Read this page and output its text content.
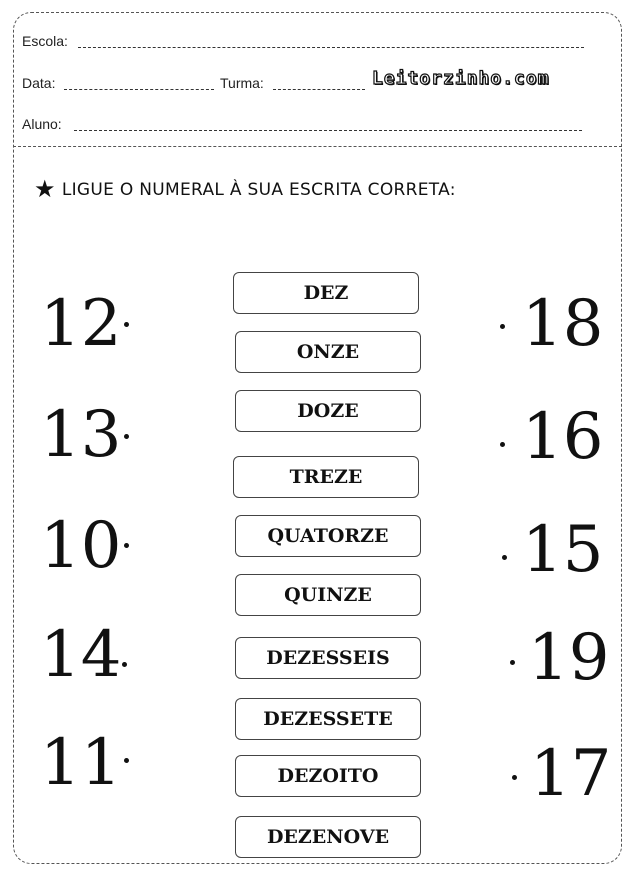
Escola:
Data:	Turma:	Leitorzinho.com
Aluno:
★ LIGUE O NUMERAL À SUA ESCRITA CORRETA:
12
13
10
14
11
DEZ
ONZE
DOZE
TREZE
QUATORZE
QUINZE
DEZESSEIS
DEZESSETE
DEZOITO
DEZENOVE
18
16
15
19
17
